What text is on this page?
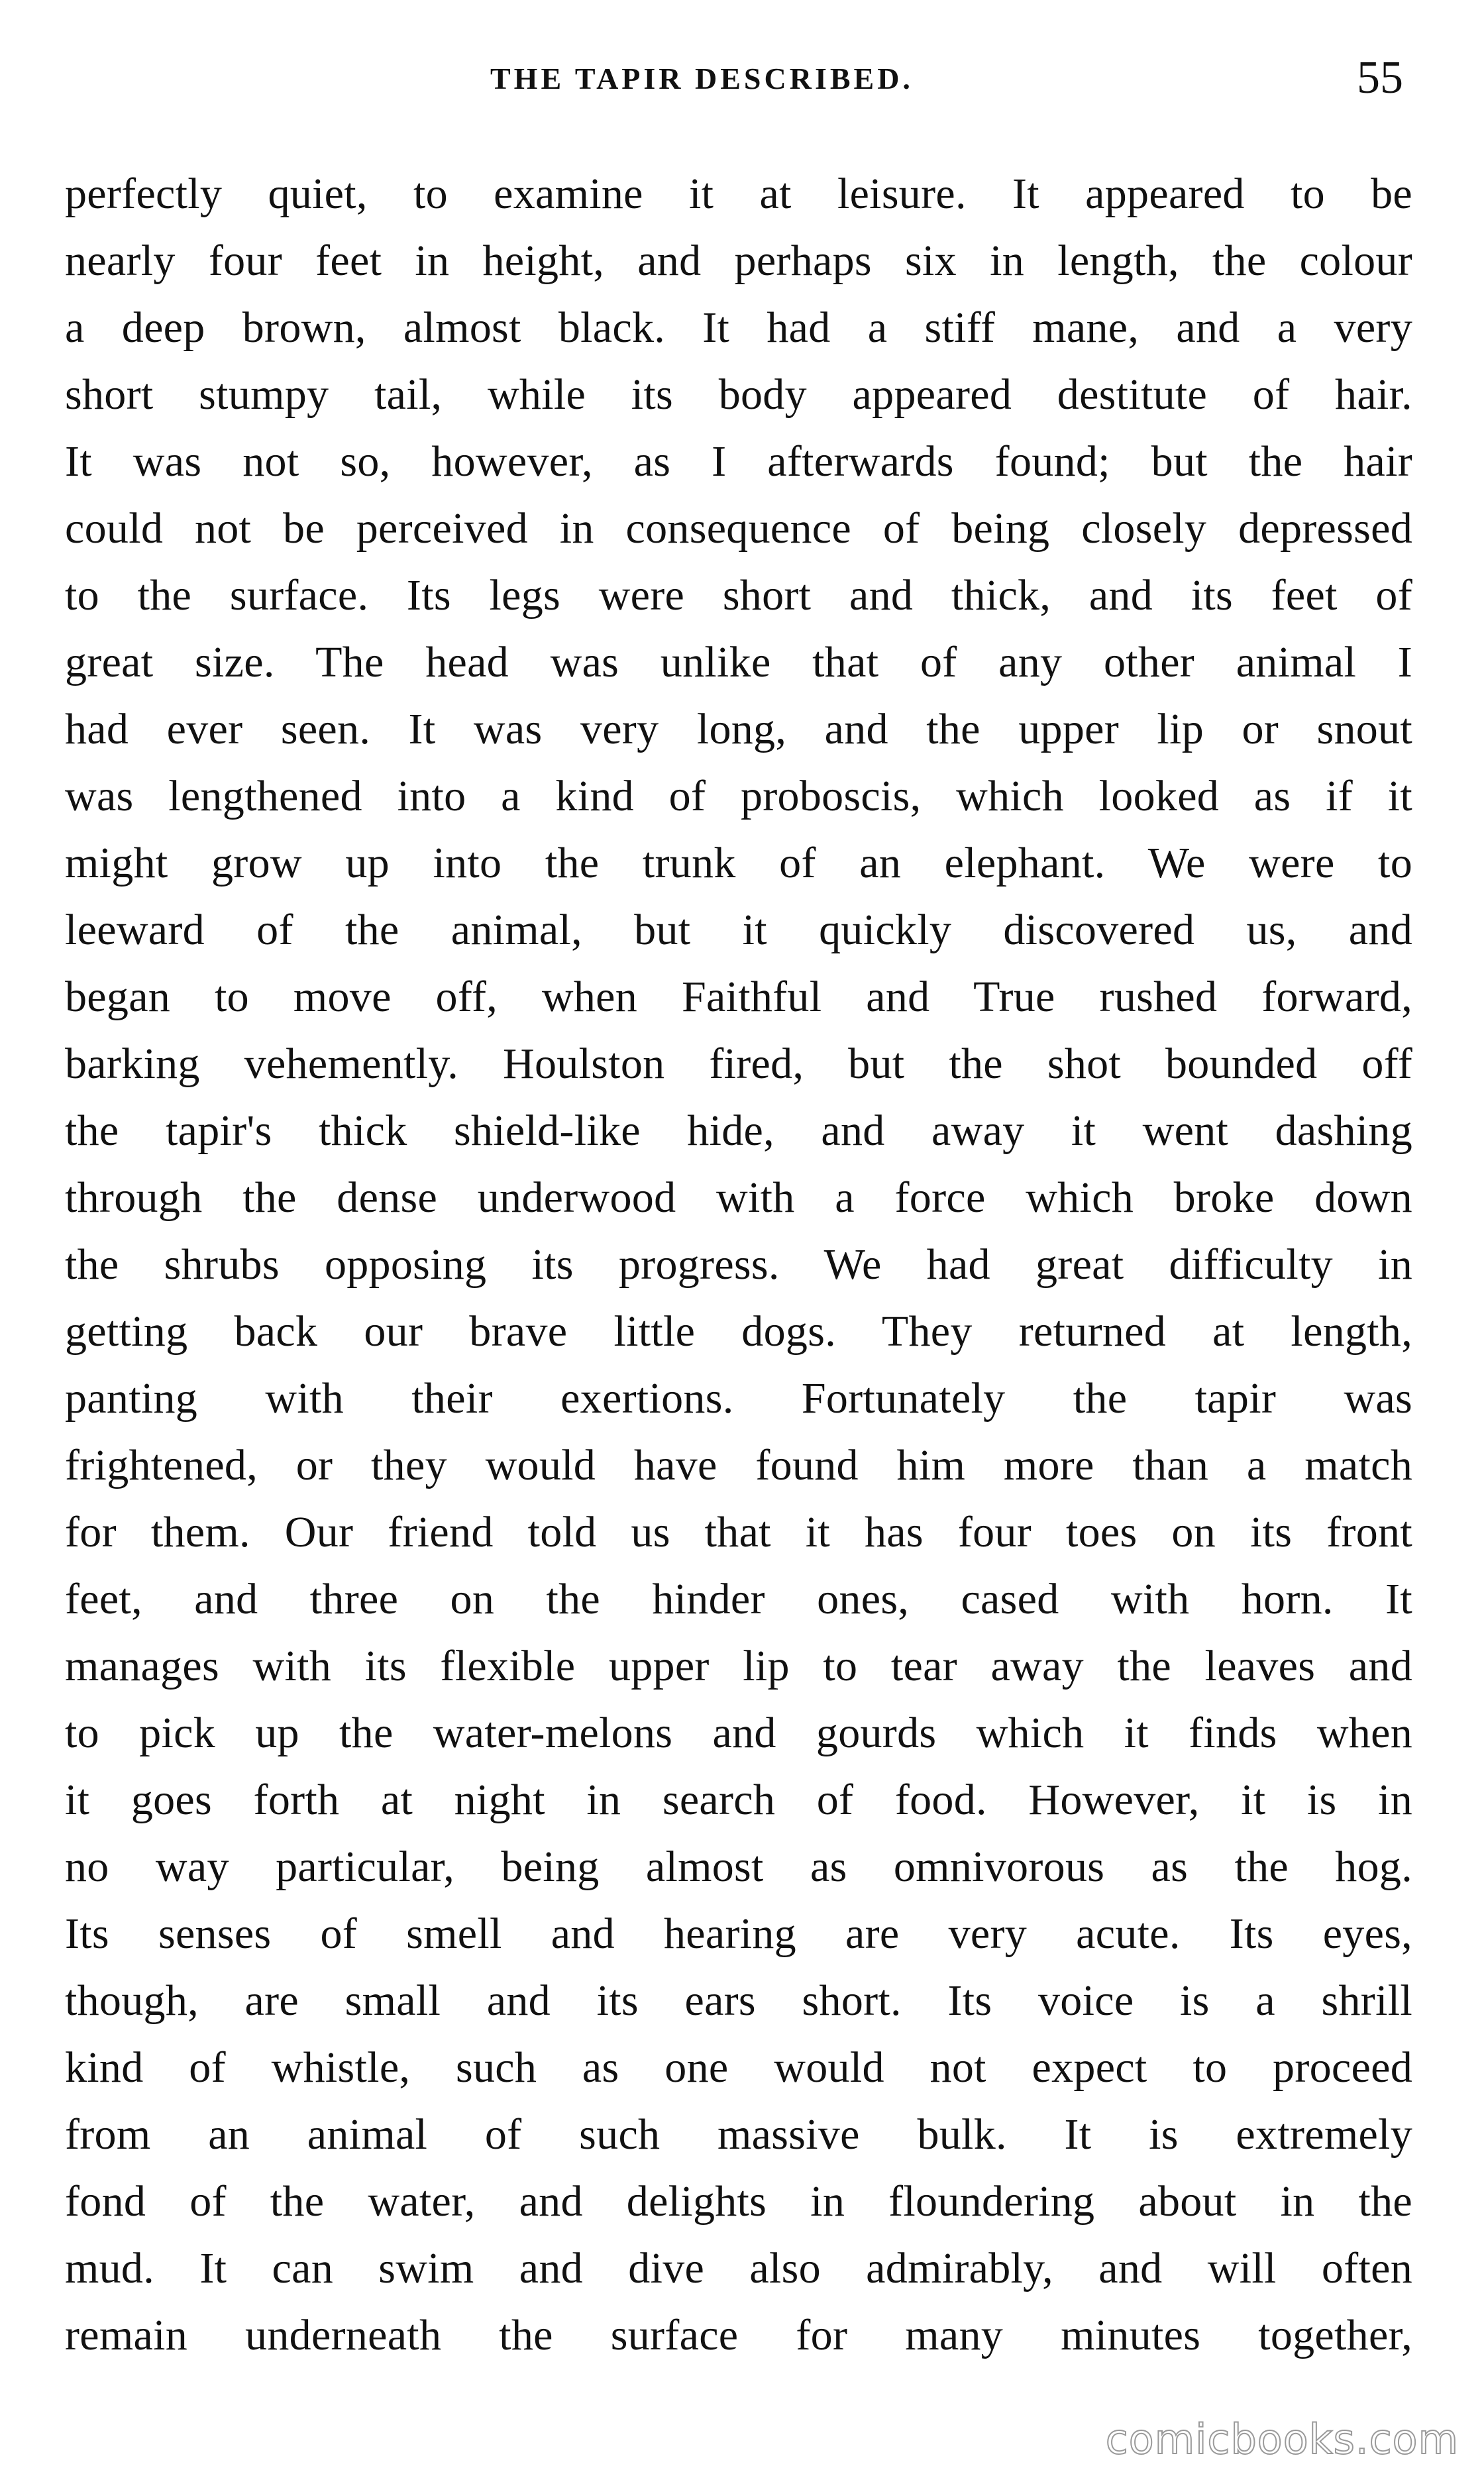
THE TAPIR DESCRIBED.	55
perfectly quiet, to examine it at leisure. It appeared to be
nearly four feet in height, and perhaps six in length, the colour
a deep brown, almost black. It had a stiff mane, and a very
short stumpy tail, while its body appeared destitute of hair.
It was not so, however, as I afterwards found; but the hair
could not be perceived in consequence of being closely depressed
to the surface. Its legs were short and thick, and its feet of
great size. The head was unlike that of any other animal I
had ever seen. It was very long, and the upper lip or snout
was lengthened into a kind of proboscis, which looked as if it
might grow up into the trunk of an elephant. We were to
leeward of the animal, but it quickly discovered us, and
began to move off, when Faithful and True rushed forward,
barking vehemently. Houlston fired, but the shot bounded off
the tapir's thick shield-like hide, and away it went dashing
through the dense underwood with a force which broke down
the shrubs opposing its progress. We had great difficulty in
getting back our brave little dogs. They returned at length,
panting with their exertions. Fortunately the tapir was
frightened, or they would have found him more than a match
for them. Our friend told us that it has four toes on its front
feet, and three on the hinder ones, cased with horn. It
manages with its flexible upper lip to tear away the leaves and
to pick up the water-melons and gourds which it finds when
it goes forth at night in search of food. However, it is in
no way particular, being almost as omnivorous as the hog.
Its senses of smell and hearing are very acute. Its eyes,
though, are small and its ears short. Its voice is a shrill
kind of whistle, such as one would not expect to proceed
from an animal of such massive bulk. It is extremely
fond of the water, and delights in floundering about in the
mud. It can swim and dive also admirably, and will often
remain underneath the surface for many minutes together,
comicbooks.com
